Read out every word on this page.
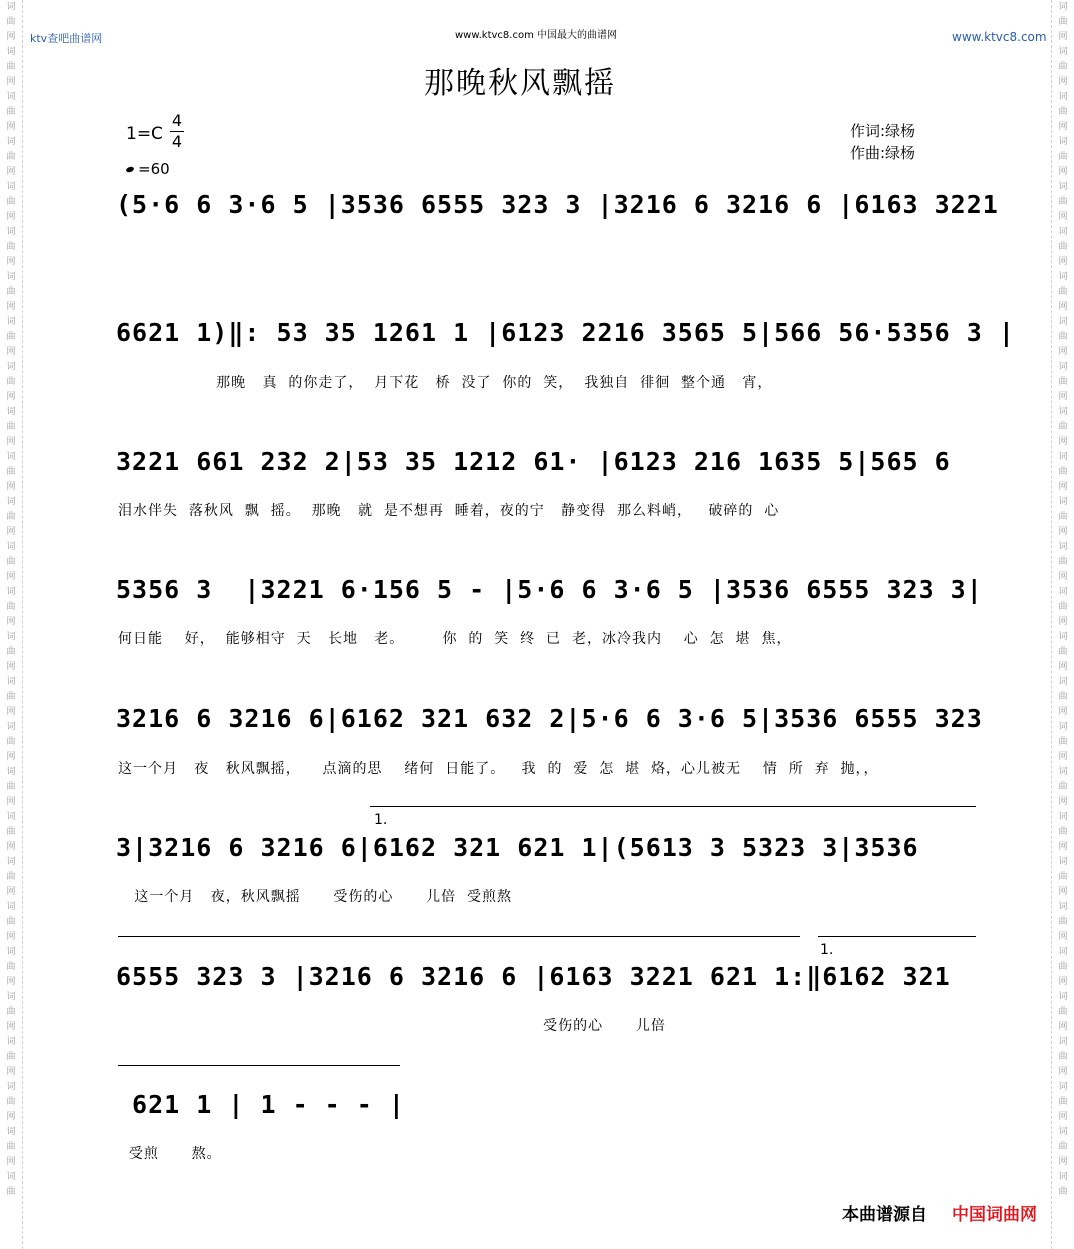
词
曲
网
词
曲
网
词
曲
网
词
曲
网
词
曲
网
词
曲
网
词
曲
网
词
曲
网
词
曲
网
词
曲
网
词
曲
网
词
曲
网
词
曲
网
词
曲
网
词
曲
网
词
曲
网
词
曲
网
词
曲
网
词
曲
网
词
曲
网
词
曲
网
词
曲
网
词
曲
网
词
曲
网
词
曲
网
词
曲
网
词
曲
词
曲
网
词
曲
网
词
曲
网
词
曲
网
词
曲
网
词
曲
网
词
曲
网
词
曲
网
词
曲
网
词
曲
网
词
曲
网
词
曲
网
词
曲
网
词
曲
网
词
曲
网
词
曲
网
词
曲
网
词
曲
网
词
曲
网
词
曲
网
词
曲
网
词
曲
网
词
曲
网
词
曲
网
词
曲
网
词
曲
网
词
曲
ktv查吧曲谱网	www.ktvc8.com 中国最大的曲谱网	www.ktvc8.com
那晚秋风飘摇
1=C
4
4
=60
作词:绿杨
作曲:绿杨
(5·6 6 3·6 5 |3536 6555 323 3 |3216 6 3216 6 |6163 3221
6621 1)‖: 53 35 1261 1 |6123 2216 3565 5|566 56·5356 3 |
那晚   真  的你走了，  月下花   桥  没了  你的  笑，  我独自  徘徊  整个通   宵，
3221 661 232 2|53 35 1212 61· |6123 216 1635 5|565 6
泪水伴失  落秋风  飘  摇。  那晚   就  是不想再  睡着，夜的宁   静变得  那么料峭，   破碎的  心
5356 3  |3221 6·156 5 - |5·6 6 3·6 5 |3536 6555 323 3|
何日能    好，  能够相守  天   长地   老。       你  的  笑  终  已  老，冰冷我内    心  怎  堪  焦，
3216 6 3216 6|6162 321 632 2|5·6 6 3·6 5|3536 6555 323
这一个月   夜   秋风飘摇，    点滴的思    绪何  日能了。   我  的  爱  怎  堪  烙，心儿被无    情  所  弃  抛，，
1.
3|3216 6 3216 6|6162 321 621 1|(5613 3 5323 3|3536
这一个月   夜，秋风飘摇      受伤的心      儿倍  受煎熬
1.
6555 323 3 |3216 6 3216 6 |6163 3221 621 1:‖6162 321
受伤的心      儿倍
621 1 | 1 - - - |
受煎      熬。
本曲谱源自 中国词曲网
